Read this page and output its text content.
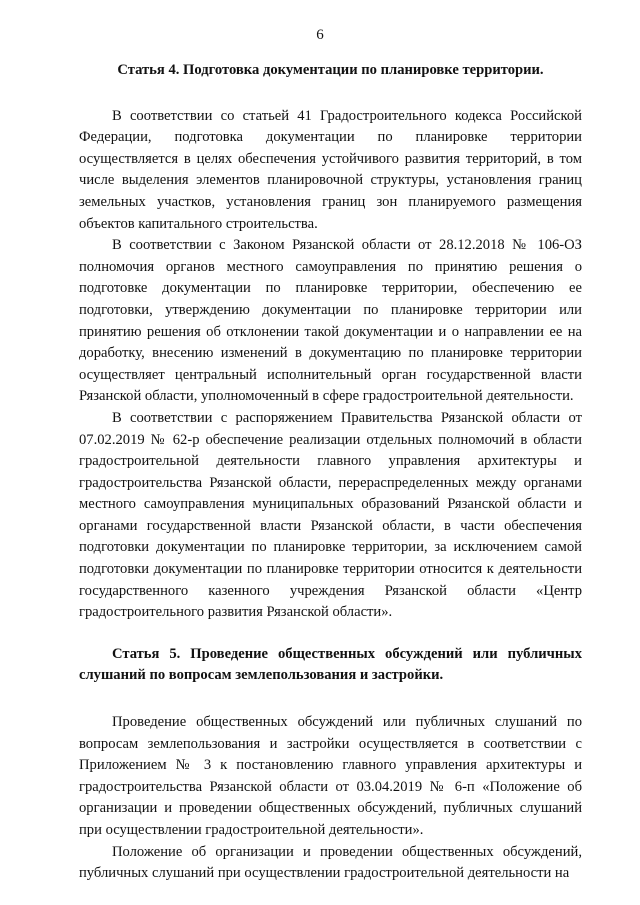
6

Статья 4. Подготовка документации по планировке территории.

В соответствии со статьей 41 Градостроительного кодекса Российской Федерации, подготовка документации по планировке территории осуществляется в целях обеспечения устойчивого развития территорий, в том числе выделения элементов планировочной структуры, установления границ земельных участков, установления границ зон планируемого размещения объектов капитального строительства.

В соответствии с Законом Рязанской области от 28.12.2018 № 106-ОЗ полномочия органов местного самоуправления по принятию решения о подготовке документации по планировке территории, обеспечению ее подготовки, утверждению документации по планировке территории или принятию решения об отклонении такой документации и о направлении ее на доработку, внесению изменений в документацию по планировке территории осуществляет центральный исполнительный орган государственной власти Рязанской области, уполномоченный в сфере градостроительной деятельности.

В соответствии с распоряжением Правительства Рязанской области от 07.02.2019 № 62-р обеспечение реализации отдельных полномочий в области градостроительной деятельности главного управления архитектуры и градостроительства Рязанской области, перераспределенных между органами местного самоуправления муниципальных образований Рязанской области и органами государственной власти Рязанской области, в части обеспечения подготовки документации по планировке территории, за исключением самой подготовки документации по планировке территории относится к деятельности государственного казенного учреждения Рязанской области «Центр градостроительного развития Рязанской области».

Статья 5. Проведение общественных обсуждений или публичных слушаний по вопросам землепользования и застройки.

Проведение общественных обсуждений или публичных слушаний по вопросам землепользования и застройки осуществляется в соответствии с Приложением № 3 к постановлению главного управления архитектуры и градостроительства Рязанской области от 03.04.2019 № 6-п «Положение об организации и проведении общественных обсуждений, публичных слушаний при осуществлении градостроительной деятельности».

Положение об организации и проведении общественных обсуждений, публичных слушаний при осуществлении градостроительной деятельности на
